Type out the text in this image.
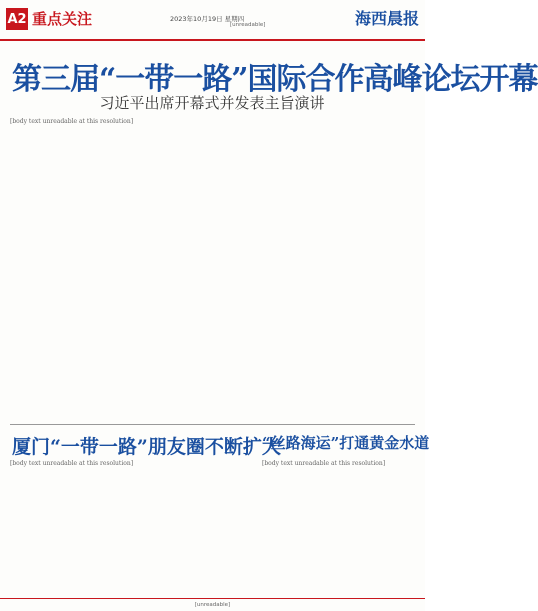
A2 重点关注	2023年10月19日 星期四
[unreadable]	海西晨报
第三届“一带一路”国际合作高峰论坛开幕
习近平出席开幕式并发表主旨演讲
[body text unreadable at this resolution]
厦门“一带一路”朋友圈不断扩大
[body text unreadable at this resolution]
“丝路海运”打通黄金水道
[body text unreadable at this resolution]
[unreadable]
